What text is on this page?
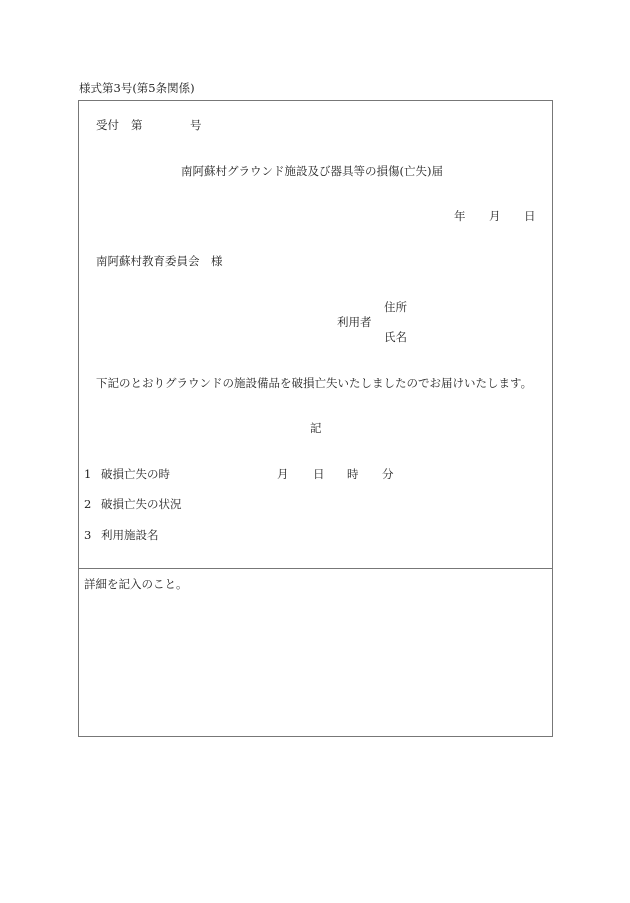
様式第3号(第5条関係)
受付 第	号
南阿蘇村グラウンド施設及び器具等の損傷(亡失)届
年 月 日
南阿蘇村教育委員会　様
住所
利用者
氏名
下記のとおりグラウンドの施設備品を破損亡失いたしましたのでお届けいたします。
記
1 破損亡失の時	月 日 時 分
2 破損亡失の状況
3 利用施設名
詳細を記入のこと。
